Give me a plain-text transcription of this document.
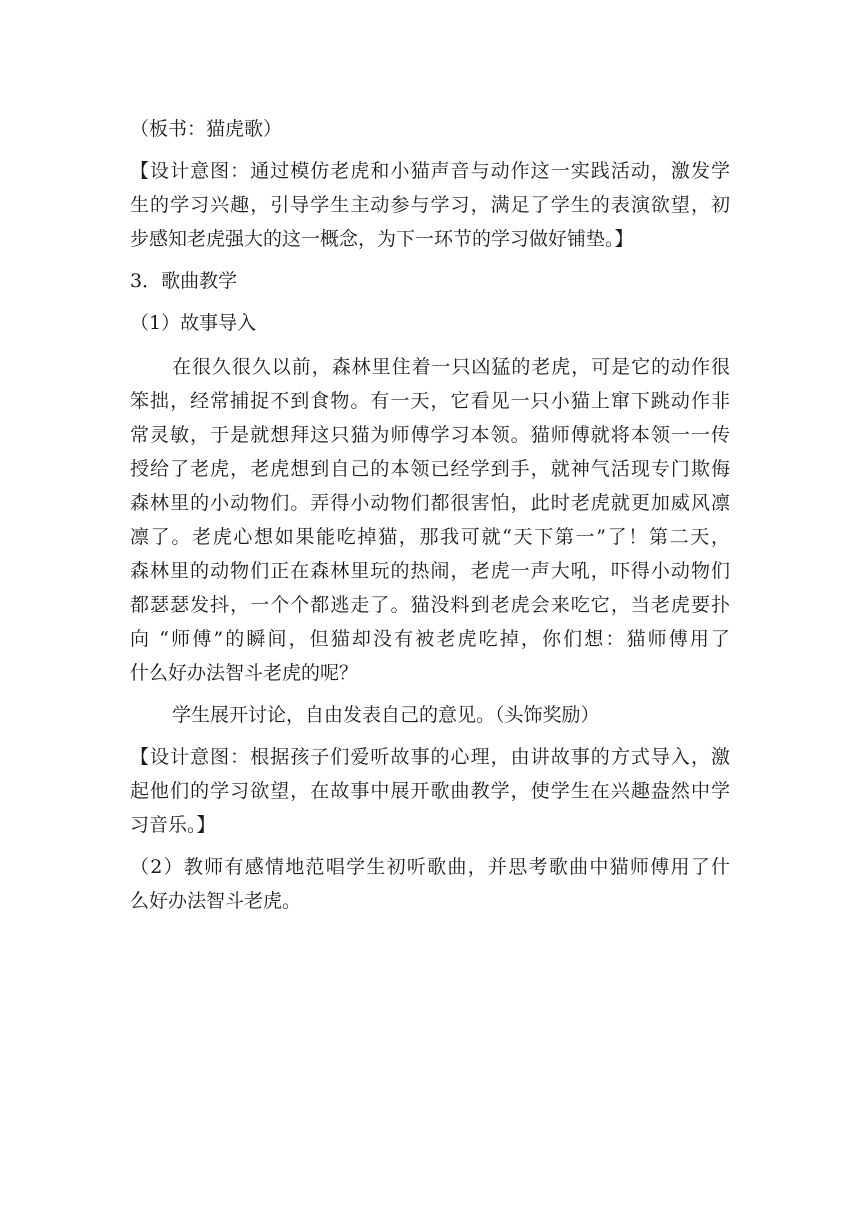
（板书：猫虎歌）

【设计意图：通过模仿老虎和小猫声音与动作这一实践活动，激发学

生的学习兴趣，引导学生主动参与学习，满足了学生的表演欲望，初

步感知老虎强大的这一概念，为下一环节的学习做好铺垫。】

3．歌曲教学

（1）故事导入

在很久很久以前，森林里住着一只凶猛的老虎，可是它的动作很

笨拙，经常捕捉不到食物。有一天，它看见一只小猫上窜下跳动作非

常灵敏，于是就想拜这只猫为师傅学习本领。猫师傅就将本领一一传

授给了老虎，老虎想到自己的本领已经学到手，就神气活现专门欺侮

森林里的小动物们。弄得小动物们都很害怕，此时老虎就更加威风凛

凛了。老虎心想如果能吃掉猫，那我可就“天下第一”了！第二天，

森林里的动物们正在森林里玩的热闹，老虎一声大吼，吓得小动物们

都瑟瑟发抖，一个个都逃走了。猫没料到老虎会来吃它，当老虎要扑

向 “师傅”的瞬间，但猫却没有被老虎吃掉，你们想：猫师傅用了

什么好办法智斗老虎的呢？

学生展开讨论，自由发表自己的意见。（头饰奖励）

【设计意图：根据孩子们爱听故事的心理，由讲故事的方式导入，激

起他们的学习欲望，在故事中展开歌曲教学，使学生在兴趣盎然中学

习音乐。】

（2）教师有感情地范唱学生初听歌曲，并思考歌曲中猫师傅用了什

么好办法智斗老虎。
